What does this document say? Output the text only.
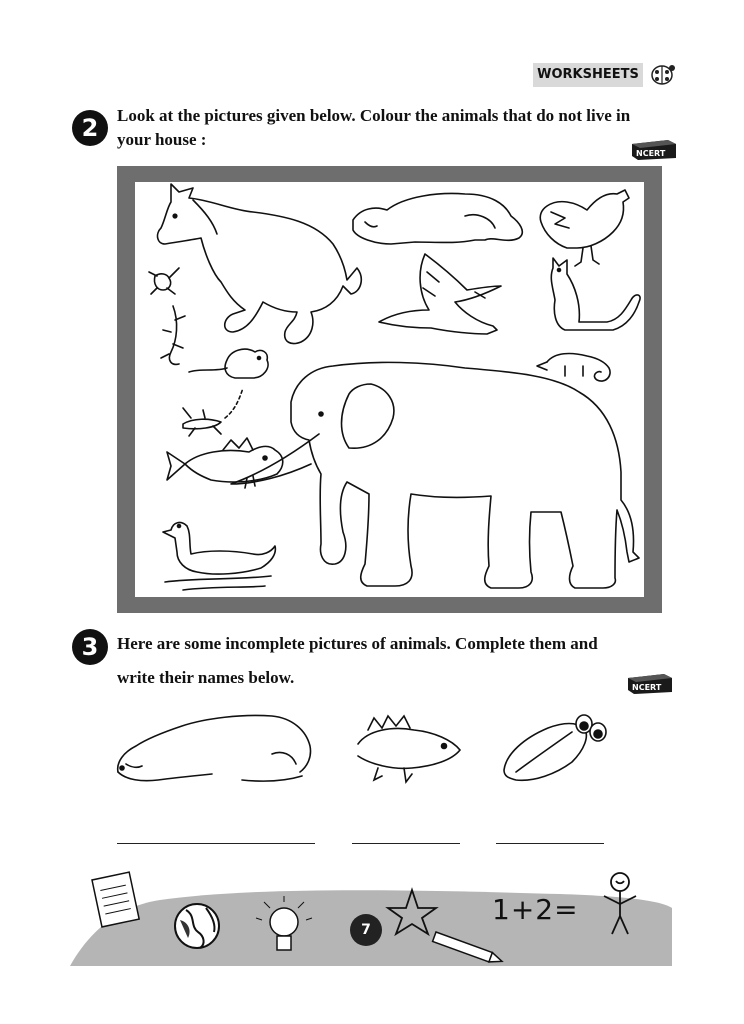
WORKSHEETS
2	Look at the pictures given below. Colour the animals that do not live in
your house :
NCERT
3	Here are some incomplete pictures of animals. Complete them and
write their names below.
NCERT
7
1+2=
